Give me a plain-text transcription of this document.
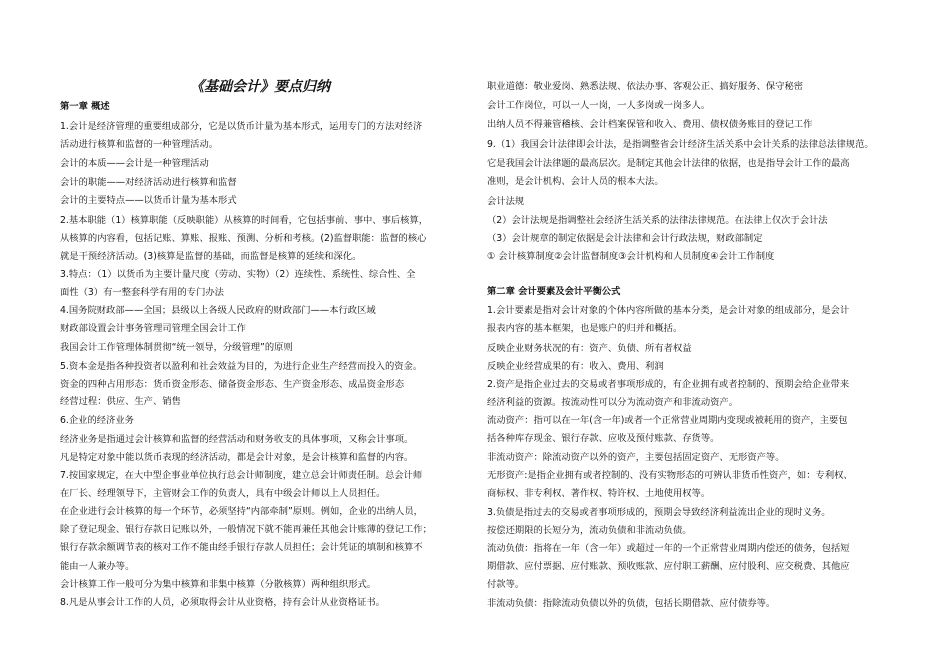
《基础会计》要点归纳

第一章 概述

1.会计是经济管理的重要组成部分，它是以货币计量为基本形式，运用专门的方法对经济

活动进行核算和监督的一种管理活动。

会计的本质——会计是一种管理活动

会计的职能——对经济活动进行核算和监督

会计的主要特点——以货币计量为基本形式

2.基本职能（1）核算职能（反映职能）从核算的时间看，它包括事前、事中、事后核算，

从核算的内容看，包括记账、算账、报账、预测、分析和考核。(2)监督职能：监督的核心

就是干预经济活动。(3)核算是监督的基础，而监督是核算的延续和深化。

3.特点：（1）以货币为主要计量尺度（劳动、实物）（2）连续性、系统性、综合性、全

面性（3）有一整套科学有用的专门办法

4.国务院财政部——全国；县级以上各级人民政府的财政部门——本行政区域

财政部设置会计事务管理司管理全国会计工作

我国会计工作管理体制贯彻“统一领导，分级管理”的原则

5.资本金是指各种投资者以盈利和社会效益为目的，为进行企业生产经营而投入的资金。

资金的四种占用形态：货币资金形态、储备资金形态、生产资金形态、成品资金形态

经营过程：供应、生产、销售

6.企业的经济业务

经济业务是指通过会计核算和监督的经营活动和财务收支的具体事项，又称会计事项。

凡是特定对象中能以货币表现的经济活动，都是会计对象，是会计核算和监督的内容。

7.按国家规定，在大中型企事业单位执行总会计师制度，建立总会计师责任制。总会计师

在厂长、经理领导下，主管财会工作的负责人，具有中级会计师以上人员担任。

在企业进行会计核算的每一个环节，必须坚持“内部牵制”原则。例如，企业的出纳人员，

除了登记现金、银行存款日记账以外，一般情况下就不能再兼任其他会计账薄的登记工作；

银行存款余额调节表的核对工作不能由经手银行存款人员担任；会计凭证的填制和核算不

能由一人兼办等。

会计核算工作一般可分为集中核算和非集中核算（分散核算）两种组织形式。

8.凡是从事会计工作的人员，必须取得会计从业资格，持有会计从业资格证书。

职业道德：敬业爱岗、熟悉法规、依法办事、客观公正、搞好服务、保守秘密

会计工作岗位，可以一人一岗，一人多岗或一岗多人。

出纳人员不得兼管稽核、会计档案保管和收入、费用、债权债务账目的登记工作

9.（1）我国会计法律即会计法，是指调整省会计经济生活关系中会计关系的法律总法律规范。

它是我国会计法律题的最高层次。是制定其他会计法律的依据，也是指导会计工作的最高

准则，是会计机构、会计人员的根本大法。

会计法规

（2）会计法规是指调整社会经济生活关系的法律法律规范。在法律上仅次于会计法

（3）会计规章的制定依据是会计法律和会计行政法规，财政部制定

① 会计核算制度②会计监督制度③会计机构和人员制度④会计工作制度

第二章 会计要素及会计平衡公式

1.会计要素是指对会计对象的个体内容所做的基本分类，是会计对象的组成部分，是会计

报表内容的基本框架，也是账户的归并和概括。

反映企业财务状况的有：资产、负债、所有者权益

反映企业经营成果的有：收入、费用、利润

2.资产是指企业过去的交易或者事项形成的，有企业拥有或者控制的、预期会给企业带来

经济利益的资源。按流动性可以分为流动资产和非流动资产。

流动资产：指可以在一年(含一年)或者一个正常营业周期内变现或被耗用的资产，主要包

括各种库存现金、银行存款、应收及预付账款、存货等。

非流动资产：除流动资产以外的资产，主要包括固定资产、无形资产等。

无形资产:是指企业拥有或者控制的、没有实物形态的可辨认非货币性资产，如：专利权、

商标权、非专利权、著作权、特许权、土地使用权等。

3.负债是指过去的交易或者事项形成的，预期会导致经济利益流出企业的现时义务。

按偿还期限的长短分为，流动负债和非流动负债。

流动负债：指将在一年（含一年）或超过一年的一个正常营业周期内偿还的债务，包括短

期借款、应付票据、应付账款、预收账款、应付职工薪酬、应付股利、应交税费、其他应

付款等。

非流动负债：指除流动负债以外的负债，包括长期借款、应付债券等。
